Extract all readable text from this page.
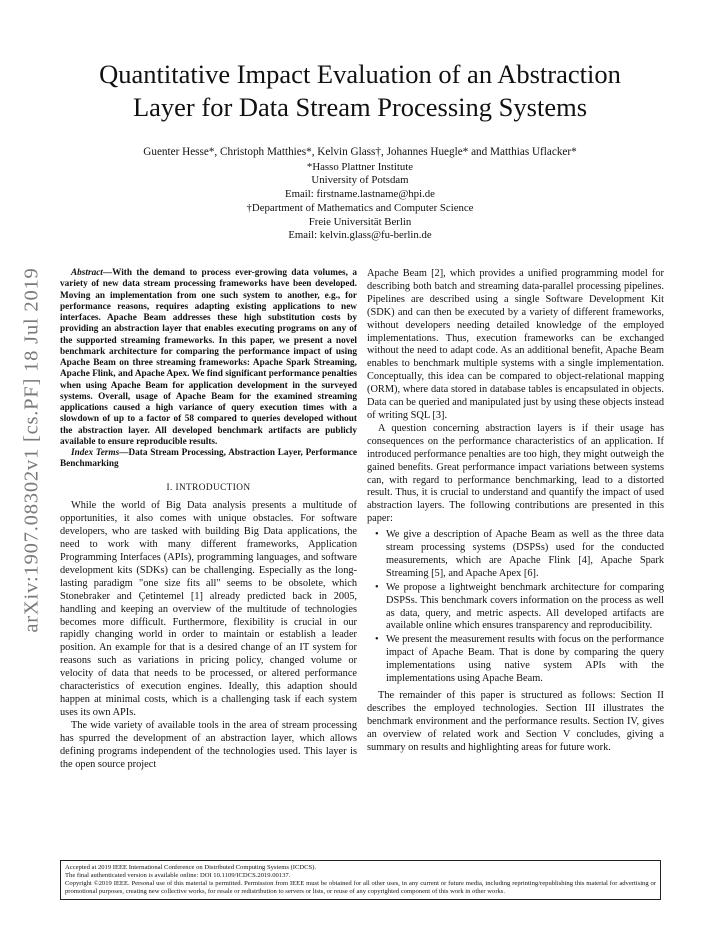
arXiv:1907.08302v1 [cs.PF] 18 Jul 2019
Quantitative Impact Evaluation of an Abstraction
Layer for Data Stream Processing Systems
Guenter Hesse*, Christoph Matthies*, Kelvin Glass†, Johannes Huegle* and Matthias Uflacker*
*Hasso Plattner Institute
University of Potsdam
Email: firstname.lastname@hpi.de
†Department of Mathematics and Computer Science
Freie Universität Berlin
Email: kelvin.glass@fu-berlin.de

Abstract—With the demand to process ever-growing data volumes, a variety of new data stream processing frameworks have been developed. Moving an implementation from one such system to another, e.g., for performance reasons, requires adapting existing applications to new interfaces. Apache Beam addresses these high substitution costs by providing an abstraction layer that enables executing programs on any of the supported streaming frameworks. In this paper, we present a novel benchmark architecture for comparing the performance impact of using Apache Beam on three streaming frameworks: Apache Spark Streaming, Apache Flink, and Apache Apex. We find significant performance penalties when using Apache Beam for application development in the surveyed systems. Overall, usage of Apache Beam for the examined streaming applications caused a high variance of query execution times with a slowdown of up to a factor of 58 compared to queries developed without the abstraction layer. All developed benchmark artifacts are publicly available to ensure reproducible results.

Index Terms—Data Stream Processing, Abstraction Layer, Performance Benchmarking

I. INTRODUCTION

While the world of Big Data analysis presents a multitude of opportunities, it also comes with unique obstacles. For software developers, who are tasked with building Big Data applications, the need to work with many different frameworks, Application Programming Interfaces (APIs), programming languages, and software development kits (SDKs) can be challenging. Especially as the long-lasting paradigm "one size fits all" seems to be obsolete, which Stonebraker and Çetintemel [1] already predicted back in 2005, handling and keeping an overview of the multitude of technologies becomes more difficult. Furthermore, flexibility is crucial in our rapidly changing world in order to maintain or establish a leader position. An example for that is a desired change of an IT system for reasons such as variations in pricing policy, changed volume or velocity of data that needs to be processed, or altered performance characteristics of execution engines. Ideally, this adaption should happen at minimal costs, which is a challenging task if each system uses its own APIs.

The wide variety of available tools in the area of stream processing has spurred the development of an abstraction layer, which allows defining programs independent of the technologies used. This layer is the open source project

Apache Beam [2], which provides a unified programming model for describing both batch and streaming data-parallel processing pipelines. Pipelines are described using a single Software Development Kit (SDK) and can then be executed by a variety of different frameworks, without developers needing detailed knowledge of the employed implementations. Thus, execution frameworks can be exchanged without the need to adapt code. As an additional benefit, Apache Beam enables to benchmark multiple systems with a single implementation. Conceptually, this idea can be compared to object-relational mapping (ORM), where data stored in database tables is encapsulated in objects. Data can be queried and manipulated just by using these objects instead of writing SQL [3].

A question concerning abstraction layers is if their usage has consequences on the performance characteristics of an application. If introduced performance penalties are too high, they might outweigh the gained benefits. Great performance impact variations between systems can, with regard to performance benchmarking, lead to a distorted result. Thus, it is crucial to understand and quantify the impact of used abstraction layers. The following contributions are presented in this paper:

• We give a description of Apache Beam as well as the three data stream processing systems (DSPSs) used for the conducted measurements, which are Apache Flink [4], Apache Spark Streaming [5], and Apache Apex [6].
• We propose a lightweight benchmark architecture for comparing DSPSs. This benchmark covers information on the process as well as data, query, and metric aspects. All developed artifacts are available online which ensures transparency and reproducibility.
• We present the measurement results with focus on the performance impact of Apache Beam. That is done by comparing the query implementations using native system APIs with the implementations using Apache Beam.

The remainder of this paper is structured as follows: Section II describes the employed technologies. Section III illustrates the benchmark environment and the performance results. Section IV, gives an overview of related work and Section V concludes, giving a summary on results and highlighting areas for future work.

Accepted at 2019 IEEE International Conference on Distributed Computing Systems (ICDCS).
The final authenticated version is available online: DOI 10.1109/ICDCS.2019.00137.
Copyright ©2019 IEEE. Personal use of this material is permitted. Permission from IEEE must be obtained for all other uses, in any current or future media, including reprinting/republishing this material for advertising or promotional purposes, creating new collective works, for resale or redistribution to servers or lists, or reuse of any copyrighted component of this work in other works.
